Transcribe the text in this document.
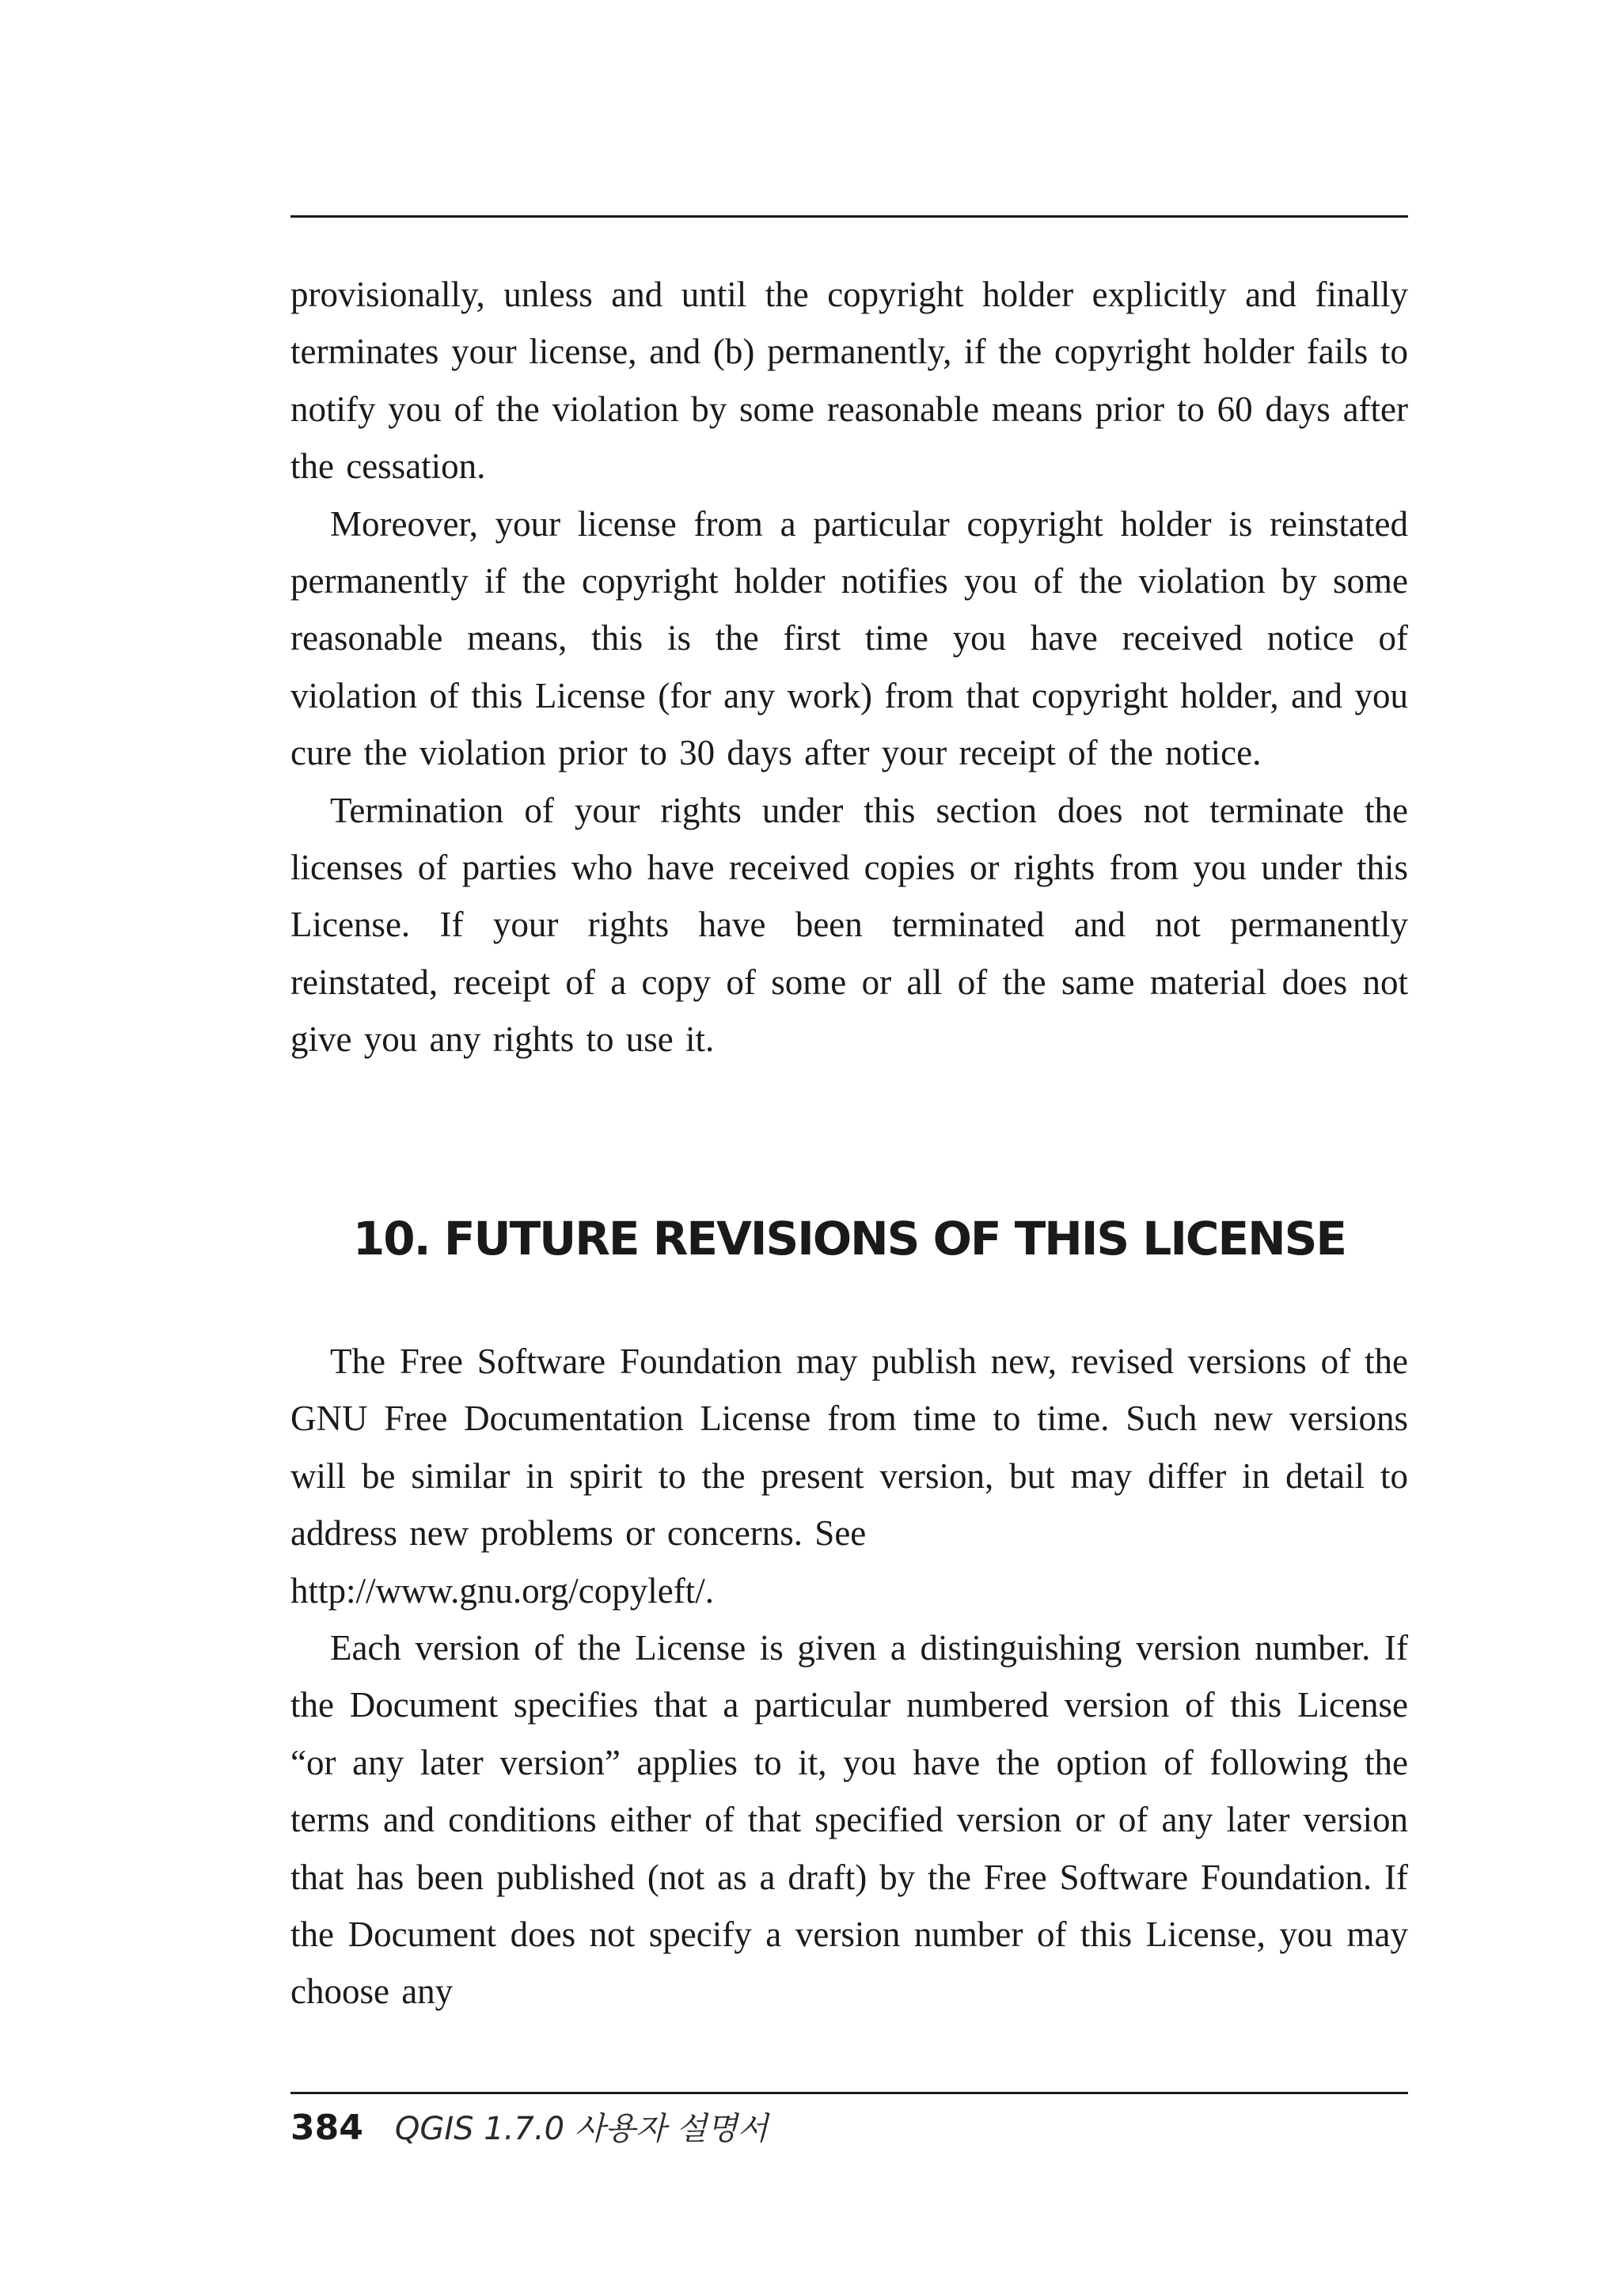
provisionally, unless and until the copyright holder explicitly and finally terminates your license, and (b) permanently, if the copyright holder fails to notify you of the violation by some reasonable means prior to 60 days after the cessation.

Moreover, your license from a particular copyright holder is reinstated permanently if the copyright holder notifies you of the violation by some reasonable means, this is the first time you have received notice of violation of this License (for any work) from that copyright holder, and you cure the violation prior to 30 days after your receipt of the notice.

Termination of your rights under this section does not terminate the licenses of parties who have received copies or rights from you under this License. If your rights have been terminated and not permanently reinstated, receipt of a copy of some or all of the same material does not give you any rights to use it.

10. FUTURE REVISIONS OF THIS LICENSE

The Free Software Foundation may publish new, revised versions of the GNU Free Documentation License from time to time. Such new versions will be similar in spirit to the present version, but may differ in detail to address new problems or concerns. See

http://www.gnu.org/copyleft/.

Each version of the License is given a distinguishing version number. If the Document specifies that a particular numbered version of this License “or any later version” applies to it, you have the option of following the terms and conditions either of that specified version or of any later version that has been published (not as a draft) by the Free Software Foundation. If the Document does not specify a version number of this License, you may choose any

384 QGIS 1.7.0 사용자 설명서
